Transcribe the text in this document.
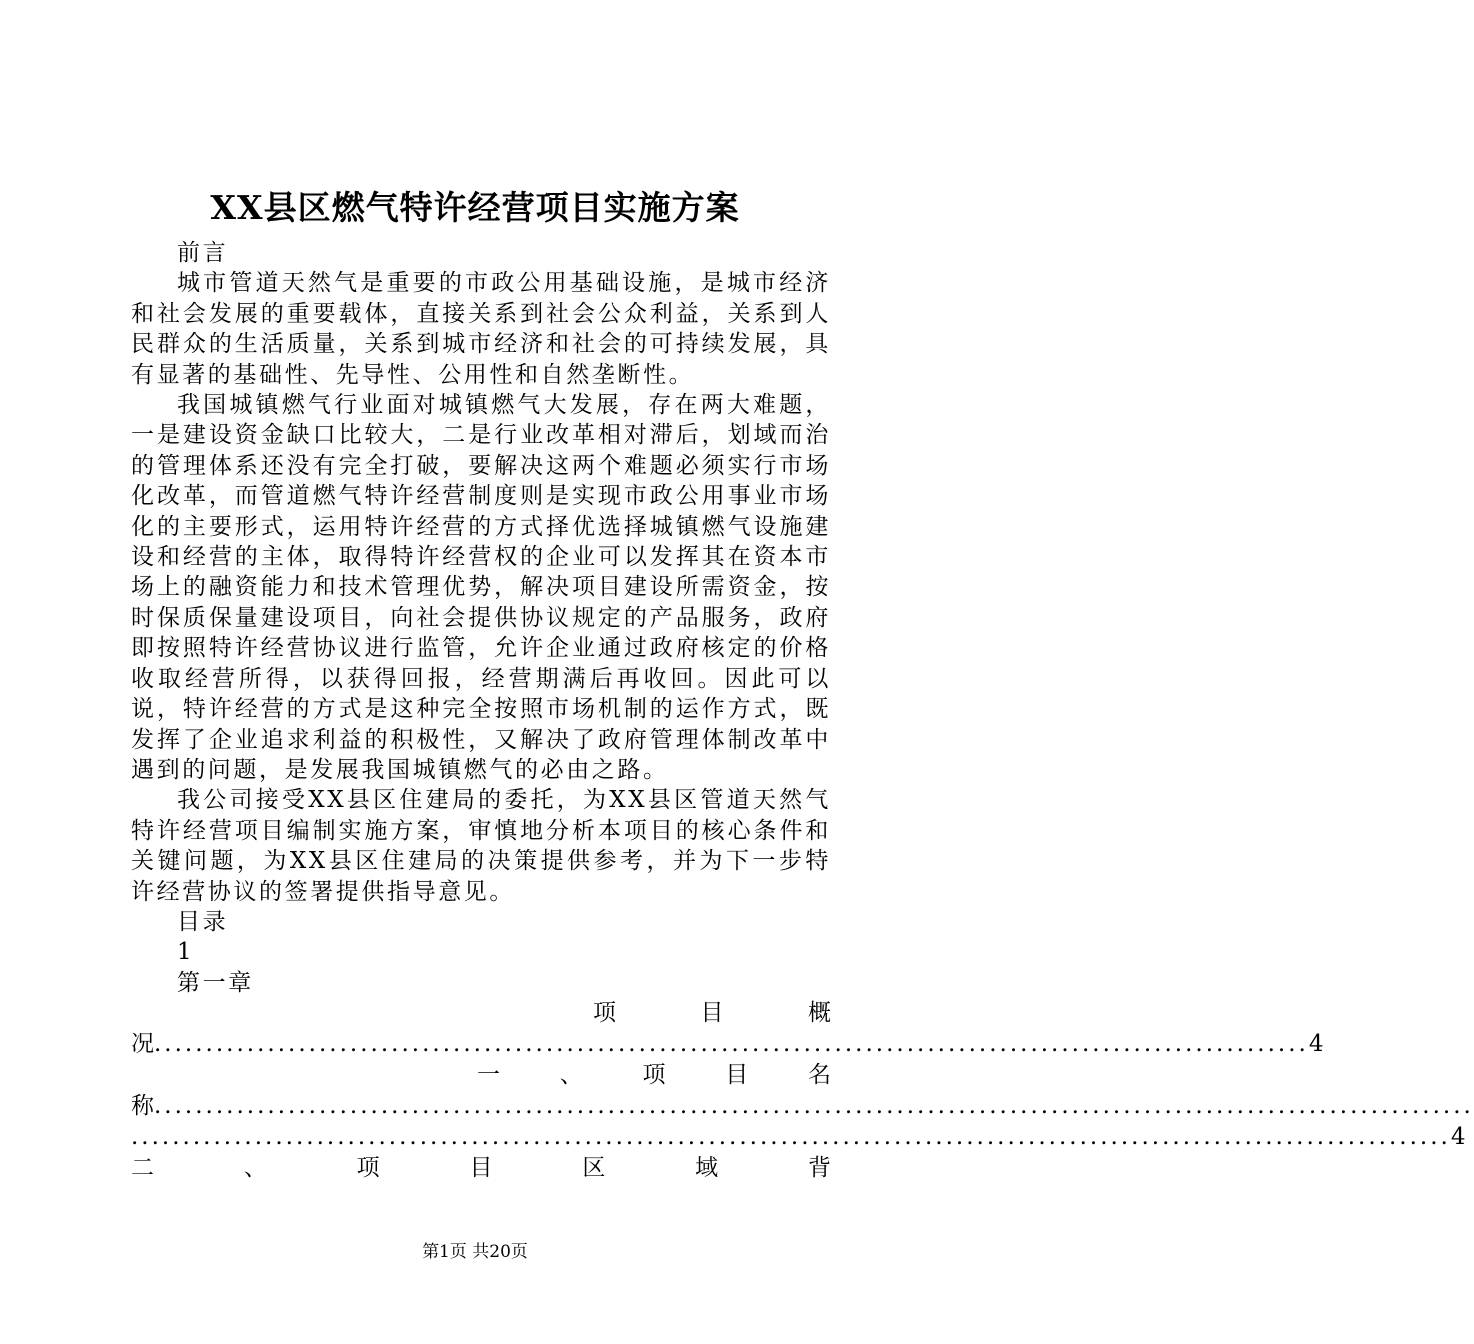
XX县区燃气特许经营项目实施方案

前言

城市管道天然气是重要的市政公用基础设施，是城市经济和社会发展的重要载体，直接关系到社会公众利益，关系到人民群众的生活质量，关系到城市经济和社会的可持续发展，具有显著的基础性、先导性、公用性和自然垄断性。

我国城镇燃气行业面对城镇燃气大发展，存在两大难题，一是建设资金缺口比较大，二是行业改革相对滞后，划域而治的管理体系还没有完全打破，要解决这两个难题必须实行市场化改革，而管道燃气特许经营制度则是实现市政公用事业市场化的主要形式，运用特许经营的方式择优选择城镇燃气设施建设和经营的主体，取得特许经营权的企业可以发挥其在资本市场上的融资能力和技术管理优势，解决项目建设所需资金，按时保质保量建设项目，向社会提供协议规定的产品服务，政府即按照特许经营协议进行监管，允许企业通过政府核定的价格收取经营所得，以获得回报，经营期满后再收回。因此可以说，特许经营的方式是这种完全按照市场机制的运作方式，既发挥了企业追求利益的积极性，又解决了政府管理体制改革中遇到的问题，是发展我国城镇燃气的必由之路。

我公司接受XX县区住建局的委托，为XX县区管道天然气特许经营项目编制实施方案，审慎地分析本项目的核心条件和关键问题，为XX县区住建局的决策提供参考，并为下一步特许经营协议的签署提供指导意见。

目录

1

第一章

项	目	概
况 ................................................................................................................ 4
一	、	项	目	名
称 ................................................................................................................................
................................................................................................................................ 4
二	、	项	目	区	域	背
第1页 共20页
